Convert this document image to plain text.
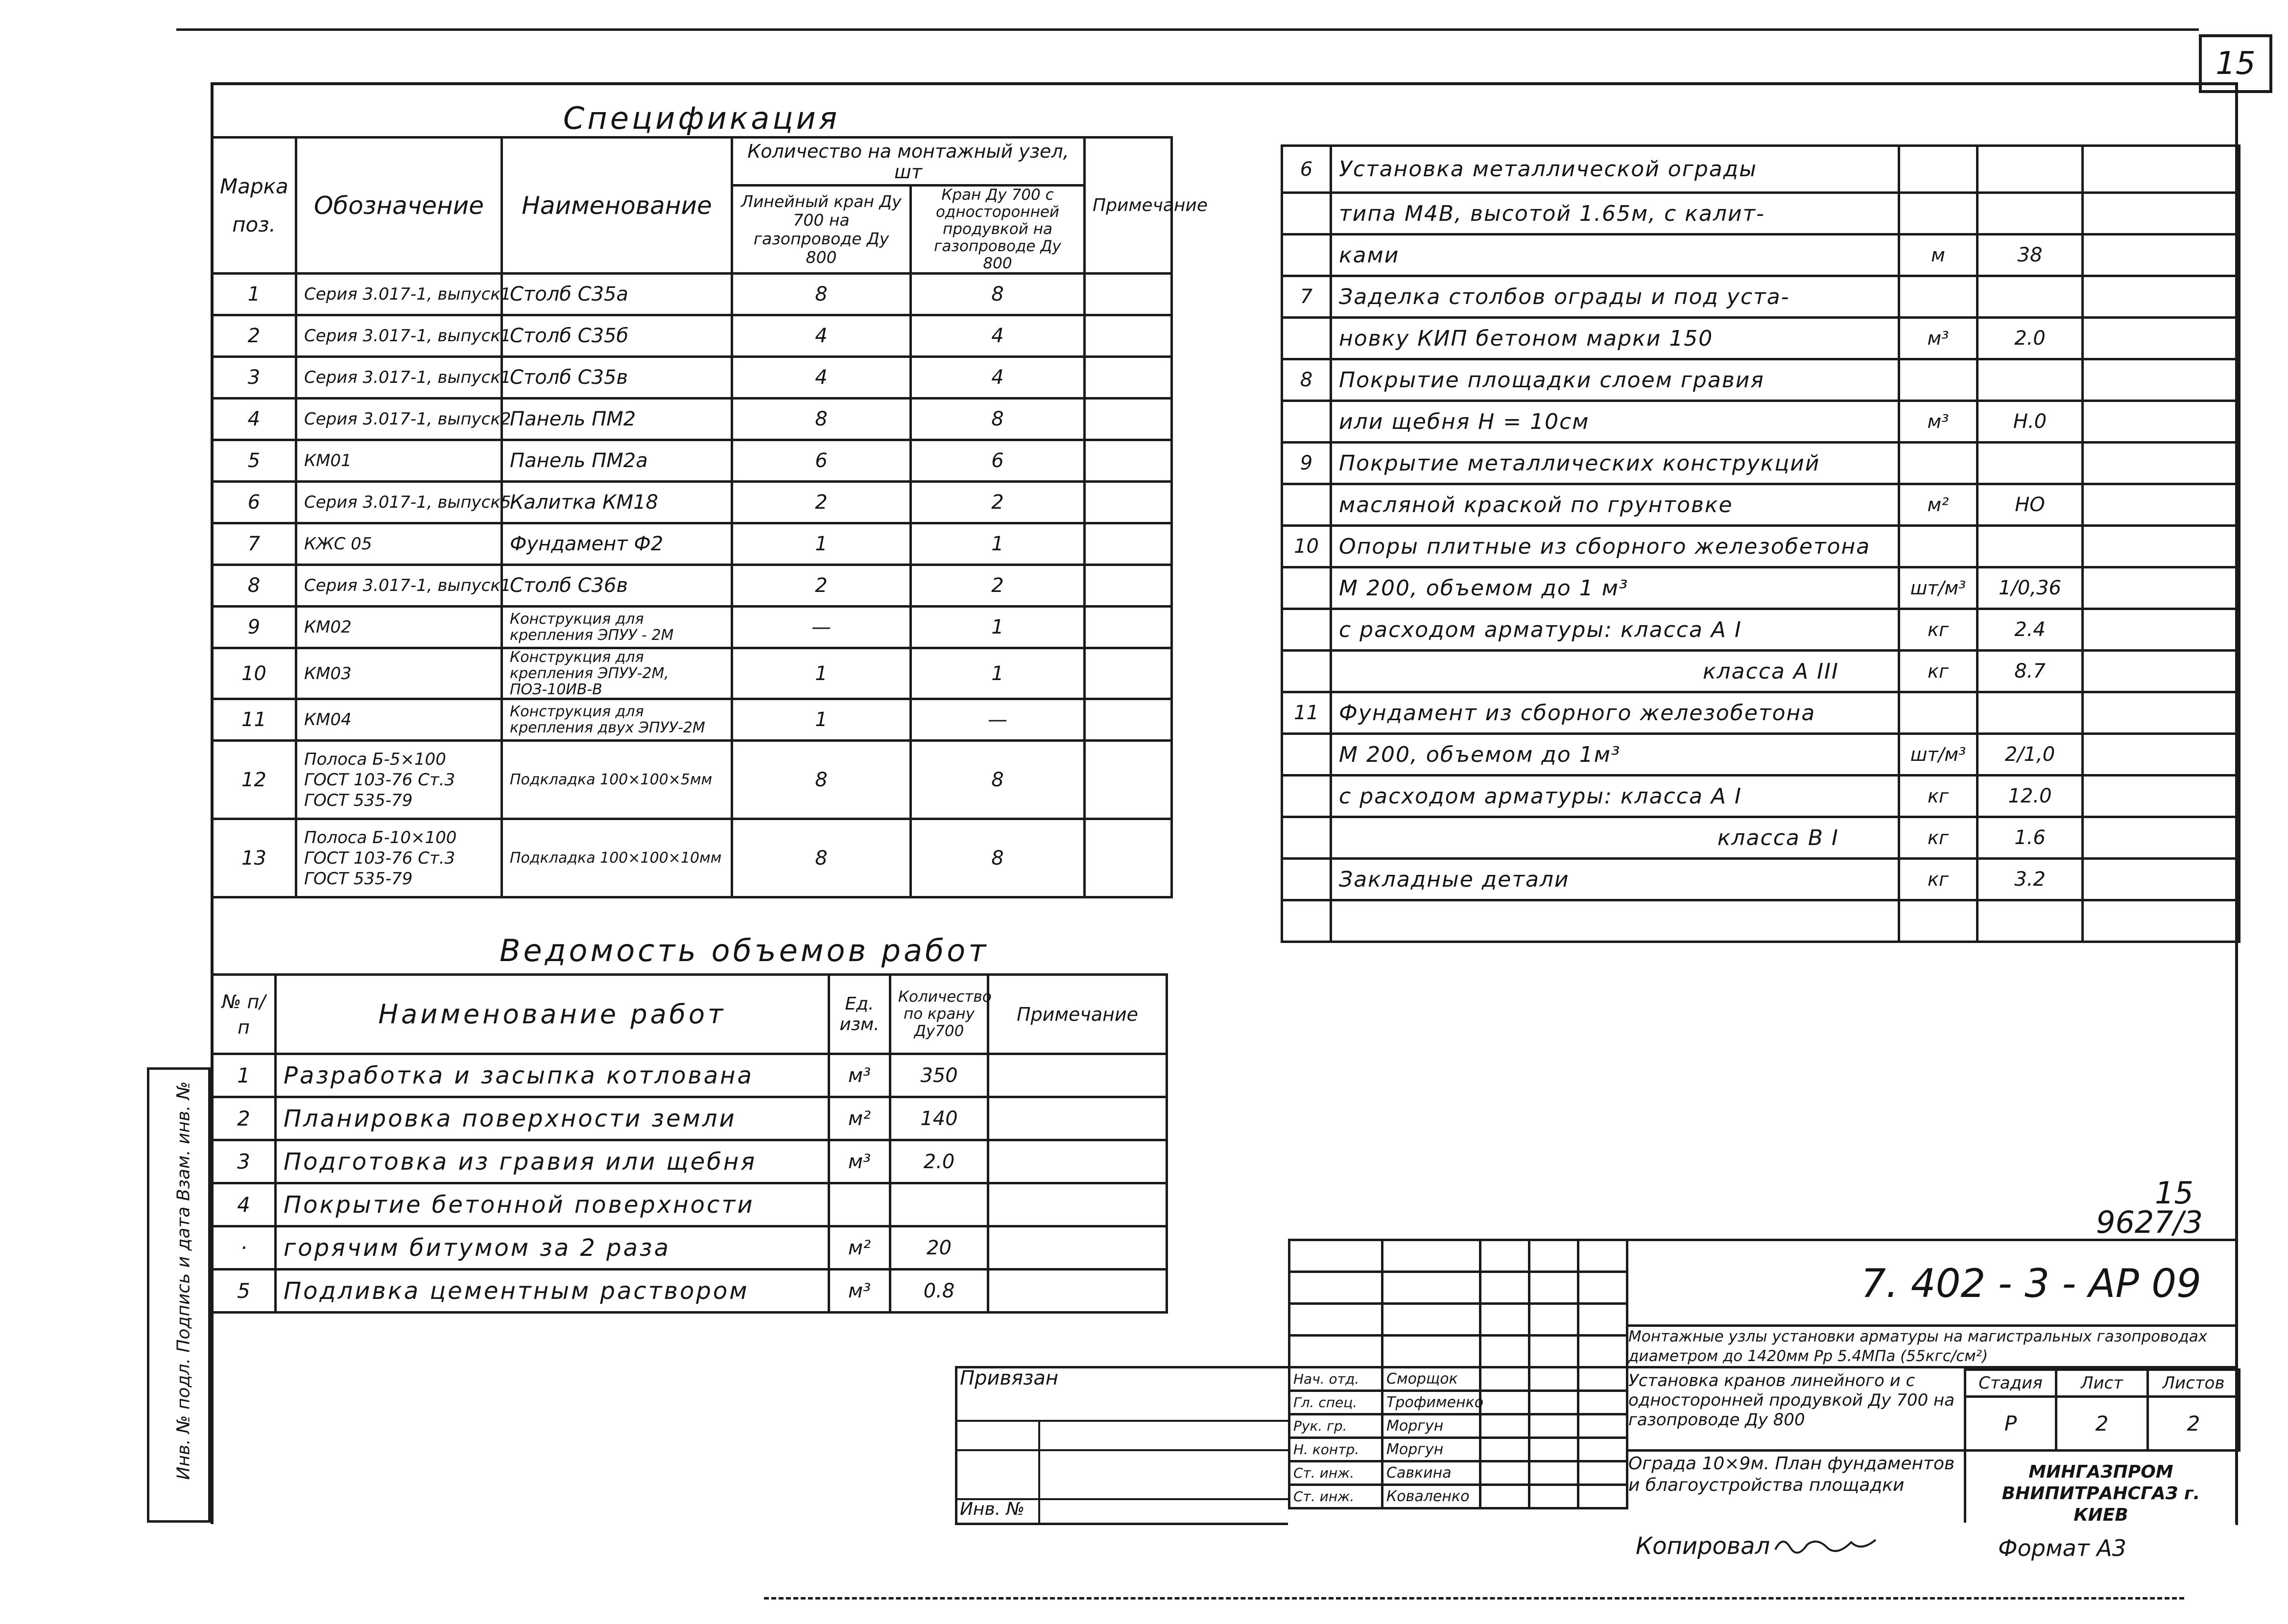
15
Инв. № подл. Подпись и дата Взам. инв. №
Спецификация
Марка поз.	Обозначение	Наименование	Количество на монтажный узел, шт		Примечание
			Линейный кран Ду 700 на газопроводе Ду 800	Кран Ду 700 с односторонней продувкой на газопроводе Ду 800	
1	Серия 3.017-1, выпуск1	Столб С35а	8	8	
2	Серия 3.017-1, выпуск1	Столб С35б	4	4	
3	Серия 3.017-1, выпуск1	Столб С35в	4	4	
4	Серия 3.017-1, выпуск2	Панель ПМ2	8	8	
5	КМ01	Панель ПМ2а	6	6	
6	Серия 3.017-1, выпуск5	Калитка КМ18	2	2	
7	КЖС 05	Фундамент Ф2	1	1	
8	Серия 3.017-1, выпуск1	Столб С36в	2	2	
9	КМ02	Конструкция для крепления ЭПУУ - 2М	—	1	
10	КМ03	Конструкция для крепления ЭПУУ-2М, ПОЗ-10ИВ-В	1	1	
11	КМ04	Конструкция для крепления двух ЭПУУ-2М	1	—	
12	Полоса Б-5×100 ГОСТ 103-76 Ст.3 ГОСТ 535-79	Подкладка 100×100×5мм	8	8	
13	Полоса Б-10×100 ГОСТ 103-76 Ст.3 ГОСТ 535-79	Подкладка 100×100×10мм	8	8	
6	Установка металлической ограды			
	типа М4В, высотой 1.65м, с калит-			
	ками	м	38	
7	Заделка столбов ограды и под уста-			
	новку КИП бетоном марки 150	м³	2.0	
8	Покрытие площадки слоем гравия			
	или щебня Н = 10см	м³	Н.0	
9	Покрытие металлических конструкций			
	масляной краской по грунтовке	м²	НО	
10	Опоры плитные из сборного железобетона			
	М 200, объемом до 1 м³	шт/м³	1/0,36	
	с расходом арматуры: класса А I	кг	2.4	
	класса А III	кг	8.7	
11	Фундамент из сборного железобетона			
	М 200, объемом до 1м³	шт/м³	2/1,0	
	с расходом арматуры: класса А I	кг	12.0	
	класса В I	кг	1.6	
	Закладные детали	кг	3.2	

Ведомость объемов работ
№ п/п	Наименование работ	Ед. изм.	Количество по крану Ду700	Примечание
1	Разработка и засыпка котлована	м³	350	
2	Планировка поверхности земли	м²	140	
3	Подготовка из гравия или щебня	м³	2.0	
4	Покрытие бетонной поверхности			
·	горячим битумом за 2 раза	м²	20	
5	Подливка цементным раствором	м³	0.8	
15
9627/3

Нач. отд.	Сморщок			
Гл. спец.	Трофименко			
Рук. гр.	Моргун			
Н. контр.	Моргун			
Ст. инж.	Савкина			
Ст. инж.	Коваленко			
7. 402 - 3 - АР 09
Монтажные узлы установки арматуры на магистральных газопроводах диаметром до 1420мм Рр 5.4МПа (55кгс/см²)
Установка кранов линейного и с односторонней продувкой Ду 700 на газопроводе Ду 800
Ограда 10×9м. План фундаментов и благоустройства площадки
Стадия	Лист	Листов
Р	2	2
МИНГАЗПРОМ ВНИПИТРАНСГАЗ г. КИЕВ
Привязан
Инв. №
Копировал	Формат А3
